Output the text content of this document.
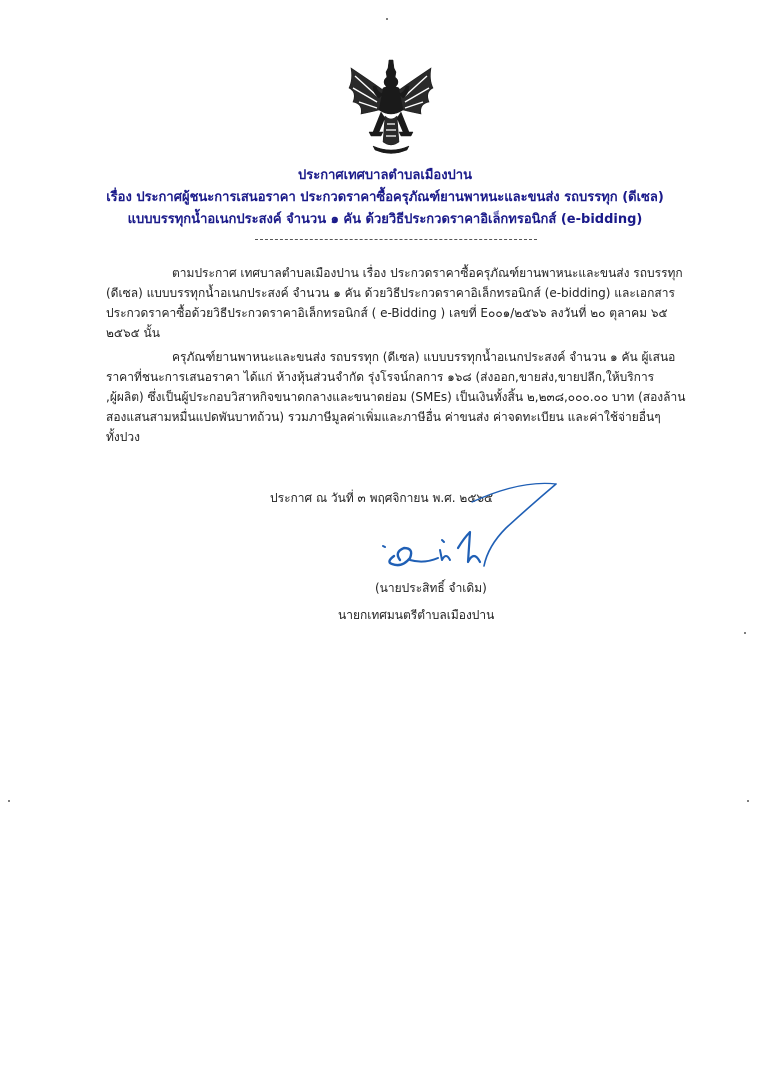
ประกาศเทศบาลตำบลเมืองปาน
เรื่อง ประกาศผู้ชนะการเสนอราคา ประกวดราคาซื้อครุภัณฑ์ยานพาหนะและขนส่ง รถบรรทุก (ดีเซล)
แบบบรรทุกน้ำอเนกประสงค์ จำนวน ๑ คัน ด้วยวิธีประกวดราคาอิเล็กทรอนิกส์ (e-bidding)
ตามประกาศ เทศบาลตำบลเมืองปาน เรื่อง ประกวดราคาซื้อครุภัณฑ์ยานพาหนะและขนส่ง รถบรรทุก
(ดีเซล) แบบบรรทุกน้ำอเนกประสงค์ จำนวน ๑ คัน ด้วยวิธีประกวดราคาอิเล็กทรอนิกส์ (e-bidding) และเอกสาร
ประกวดราคาซื้อด้วยวิธีประกวดราคาอิเล็กทรอนิกส์ ( e-Bidding ) เลขที่ E๐๐๑/๒๕๖๖ ลงวันที่ ๒๐ ตุลาคม ๖๕
๒๕๖๕ นั้น
ครุภัณฑ์ยานพาหนะและขนส่ง รถบรรทุก (ดีเซล) แบบบรรทุกน้ำอเนกประสงค์ จำนวน ๑ คัน ผู้เสนอ
ราคาที่ชนะการเสนอราคา ได้แก่ ห้างหุ้นส่วนจำกัด รุ่งโรจน์กลการ ๑๖๘ (ส่งออก,ขายส่ง,ขายปลีก,ให้บริการ
,ผู้ผลิต) ซึ่งเป็นผู้ประกอบวิสาหกิจขนาดกลางและขนาดย่อม (SMEs) เป็นเงินทั้งสิ้น ๒,๒๓๘,๐๐๐.๐๐ บาท (สองล้าน
สองแสนสามหมื่นแปดพันบาทถ้วน) รวมภาษีมูลค่าเพิ่มและภาษีอื่น ค่าขนส่ง ค่าจดทะเบียน และค่าใช้จ่ายอื่นๆ
ทั้งปวง
ประกาศ ณ วันที่ ๓ พฤศจิกายน พ.ศ. ๒๕๖๕
(นายประสิทธิ์ จำเดิม)
นายกเทศมนตรีตำบลเมืองปาน
